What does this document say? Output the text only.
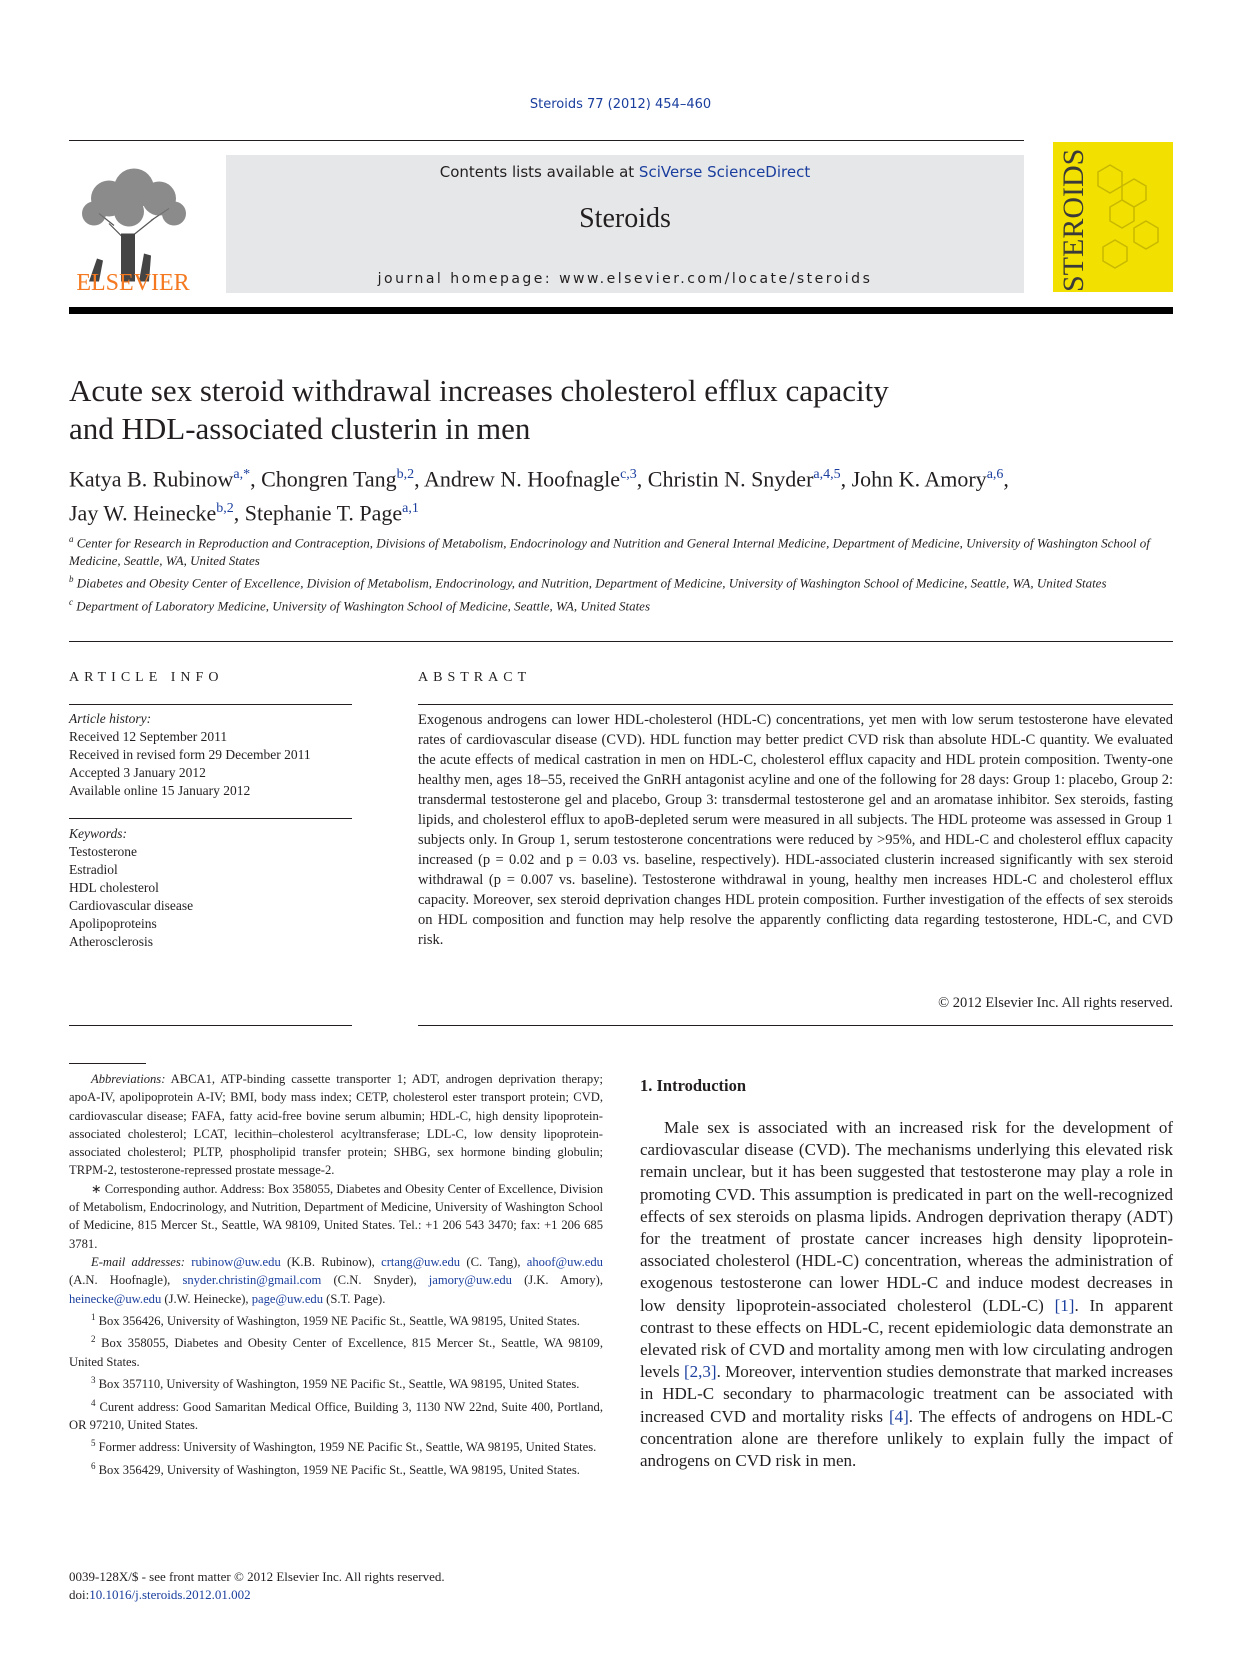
Steroids 77 (2012) 454–460
ELSEVIER
Contents lists available at SciVerse ScienceDirect
Steroids
journal homepage: www.elsevier.com/locate/steroids	STEROIDS
Acute sex steroid withdrawal increases cholesterol efflux capacity
and HDL-associated clusterin in men
Katya B. Rubinow$^{a,*}$, Chongren Tang$^{b,2}$, Andrew N. Hoofnagle$^{c,3}$, Christin N. Snyder$^{a,4,5}$, John K. Amory$^{a,6}$,
Jay W. Heinecke$^{b,2}$, Stephanie T. Page$^{a,1}$
$^a$ Center for Research in Reproduction and Contraception, Divisions of Metabolism, Endocrinology and Nutrition and General Internal Medicine, Department of Medicine, University of Washington School of Medicine, Seattle, WA, United States
$^b$ Diabetes and Obesity Center of Excellence, Division of Metabolism, Endocrinology, and Nutrition, Department of Medicine, University of Washington School of Medicine, Seattle, WA, United States
$^c$ Department of Laboratory Medicine, University of Washington School of Medicine, Seattle, WA, United States
ARTICLE INFO
Article history:
Received 12 September 2011
Received in revised form 29 December 2011
Accepted 3 January 2012
Available online 15 January 2012
Keywords:
Testosterone
Estradiol
HDL cholesterol
Cardiovascular disease
Apolipoproteins
Atherosclerosis
ABSTRACT
Exogenous androgens can lower HDL-cholesterol (HDL-C) concentrations, yet men with low serum testosterone have elevated rates of cardiovascular disease (CVD). HDL function may better predict CVD risk than absolute HDL-C quantity. We evaluated the acute effects of medical castration in men on HDL-C, cholesterol efflux capacity and HDL protein composition. Twenty-one healthy men, ages 18–55, received the GnRH antagonist acyline and one of the following for 28 days: Group 1: placebo, Group 2: transdermal testosterone gel and placebo, Group 3: transdermal testosterone gel and an aromatase inhibitor. Sex steroids, fasting lipids, and cholesterol efflux to apoB-depleted serum were measured in all subjects. The HDL proteome was assessed in Group 1 subjects only. In Group 1, serum testosterone concentrations were reduced by >95%, and HDL-C and cholesterol efflux capacity increased (p = 0.02 and p = 0.03 vs. baseline, respectively). HDL-associated clusterin increased significantly with sex steroid withdrawal (p = 0.007 vs. baseline). Testosterone withdrawal in young, healthy men increases HDL-C and cholesterol efflux capacity. Moreover, sex steroid deprivation changes HDL protein composition. Further investigation of the effects of sex steroids on HDL composition and function may help resolve the apparently conflicting data regarding testosterone, HDL-C, and CVD risk.
© 2012 Elsevier Inc. All rights reserved.

Abbreviations: ABCA1, ATP-binding cassette transporter 1; ADT, androgen deprivation therapy; apoA-IV, apolipoprotein A-IV; BMI, body mass index; CETP, cholesterol ester transport protein; CVD, cardiovascular disease; FAFA, fatty acid-free bovine serum albumin; HDL-C, high density lipoprotein-associated cholesterol; LCAT, lecithin–cholesterol acyltransferase; LDL-C, low density lipoprotein-associated cholesterol; PLTP, phospholipid transfer protein; SHBG, sex hormone binding globulin; TRPM-2, testosterone-repressed prostate message-2.

∗ Corresponding author. Address: Box 358055, Diabetes and Obesity Center of Excellence, Division of Metabolism, Endocrinology, and Nutrition, Department of Medicine, University of Washington School of Medicine, 815 Mercer St., Seattle, WA 98109, United States. Tel.: +1 206 543 3470; fax: +1 206 685 3781.

E-mail addresses: rubinow@uw.edu (K.B. Rubinow), crtang@uw.edu (C. Tang), ahoof@uw.edu (A.N. Hoofnagle), snyder.christin@gmail.com (C.N. Snyder), jamory@uw.edu (J.K. Amory), heinecke@uw.edu (J.W. Heinecke), page@uw.edu (S.T. Page).

$^1$ Box 356426, University of Washington, 1959 NE Pacific St., Seattle, WA 98195, United States.

$^2$ Box 358055, Diabetes and Obesity Center of Excellence, 815 Mercer St., Seattle, WA 98109, United States.

$^3$ Box 357110, University of Washington, 1959 NE Pacific St., Seattle, WA 98195, United States.

$^4$ Curent address: Good Samaritan Medical Office, Building 3, 1130 NW 22nd, Suite 400, Portland, OR 97210, United States.

$^5$ Former address: University of Washington, 1959 NE Pacific St., Seattle, WA 98195, United States.

$^6$ Box 356429, University of Washington, 1959 NE Pacific St., Seattle, WA 98195, United States.

0039-128X/$ - see front matter © 2012 Elsevier Inc. All rights reserved.
doi:10.1016/j.steroids.2012.01.002
1. Introduction
Male sex is associated with an increased risk for the development of cardiovascular disease (CVD). The mechanisms underlying this elevated risk remain unclear, but it has been suggested that testosterone may play a role in promoting CVD. This assumption is predicated in part on the well-recognized effects of sex steroids on plasma lipids. Androgen deprivation therapy (ADT) for the treatment of prostate cancer increases high density lipoprotein-associated cholesterol (HDL-C) concentration, whereas the administration of exogenous testosterone can lower HDL-C and induce modest decreases in low density lipoprotein-associated cholesterol (LDL-C) [1]. In apparent contrast to these effects on HDL-C, recent epidemiologic data demonstrate an elevated risk of CVD and mortality among men with low circulating androgen levels [2,3]. Moreover, intervention studies demonstrate that marked increases in HDL-C secondary to pharmacologic treatment can be associated with increased CVD and mortality risks [4]. The effects of androgens on HDL-C concentration alone are therefore unlikely to explain fully the impact of androgens on CVD risk in men.
